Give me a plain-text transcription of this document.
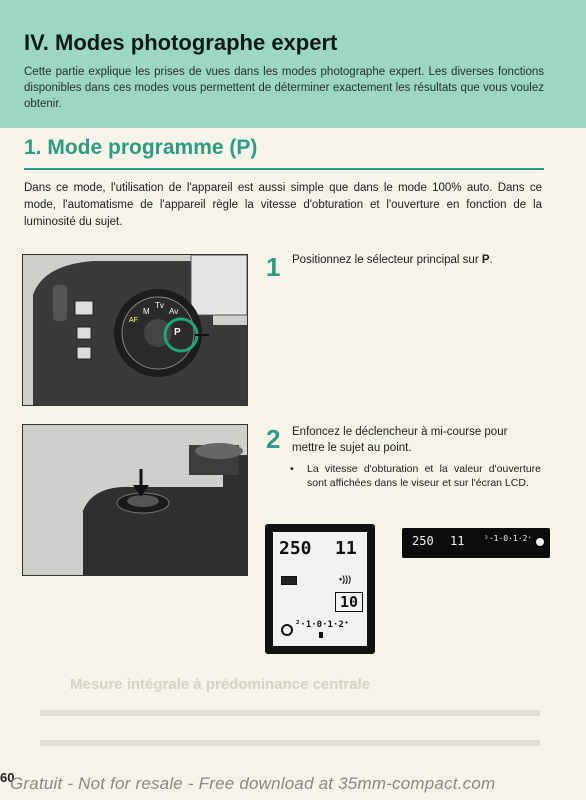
IV. Modes photographe expert
Cette partie explique les prises de vues dans les modes photographe expert. Les diverses fonctions disponibles dans ces modes vous permettent de déterminer exactement les résultats que vous voulez obtenir.
1. Mode programme (P)
Dans ce mode, l'utilisation de l'appareil est aussi simple que dans le mode 100% auto. Dans ce mode, l'automatisme de l'appareil règle la vitesse d'obturation et l'ouverture en fonction de la luminosité du sujet.
P
Av
Tv
M
AF
1 Positionnez le sélecteur principal sur P.
2 Enfoncez le déclencheur à mi-course pour mettre le sujet au point.
• La vitesse d'obturation et la valeur d'ouverture sont affichées dans le viseur et sur l'écran LCD.
250 11
•)))
10
²·1·0·1·2⁺
250 11 ²·1·0·1·2⁺
Mesure intégrale à prédominance centrale
60
Gratuit - Not for resale - Free download at 35mm-compact.com
